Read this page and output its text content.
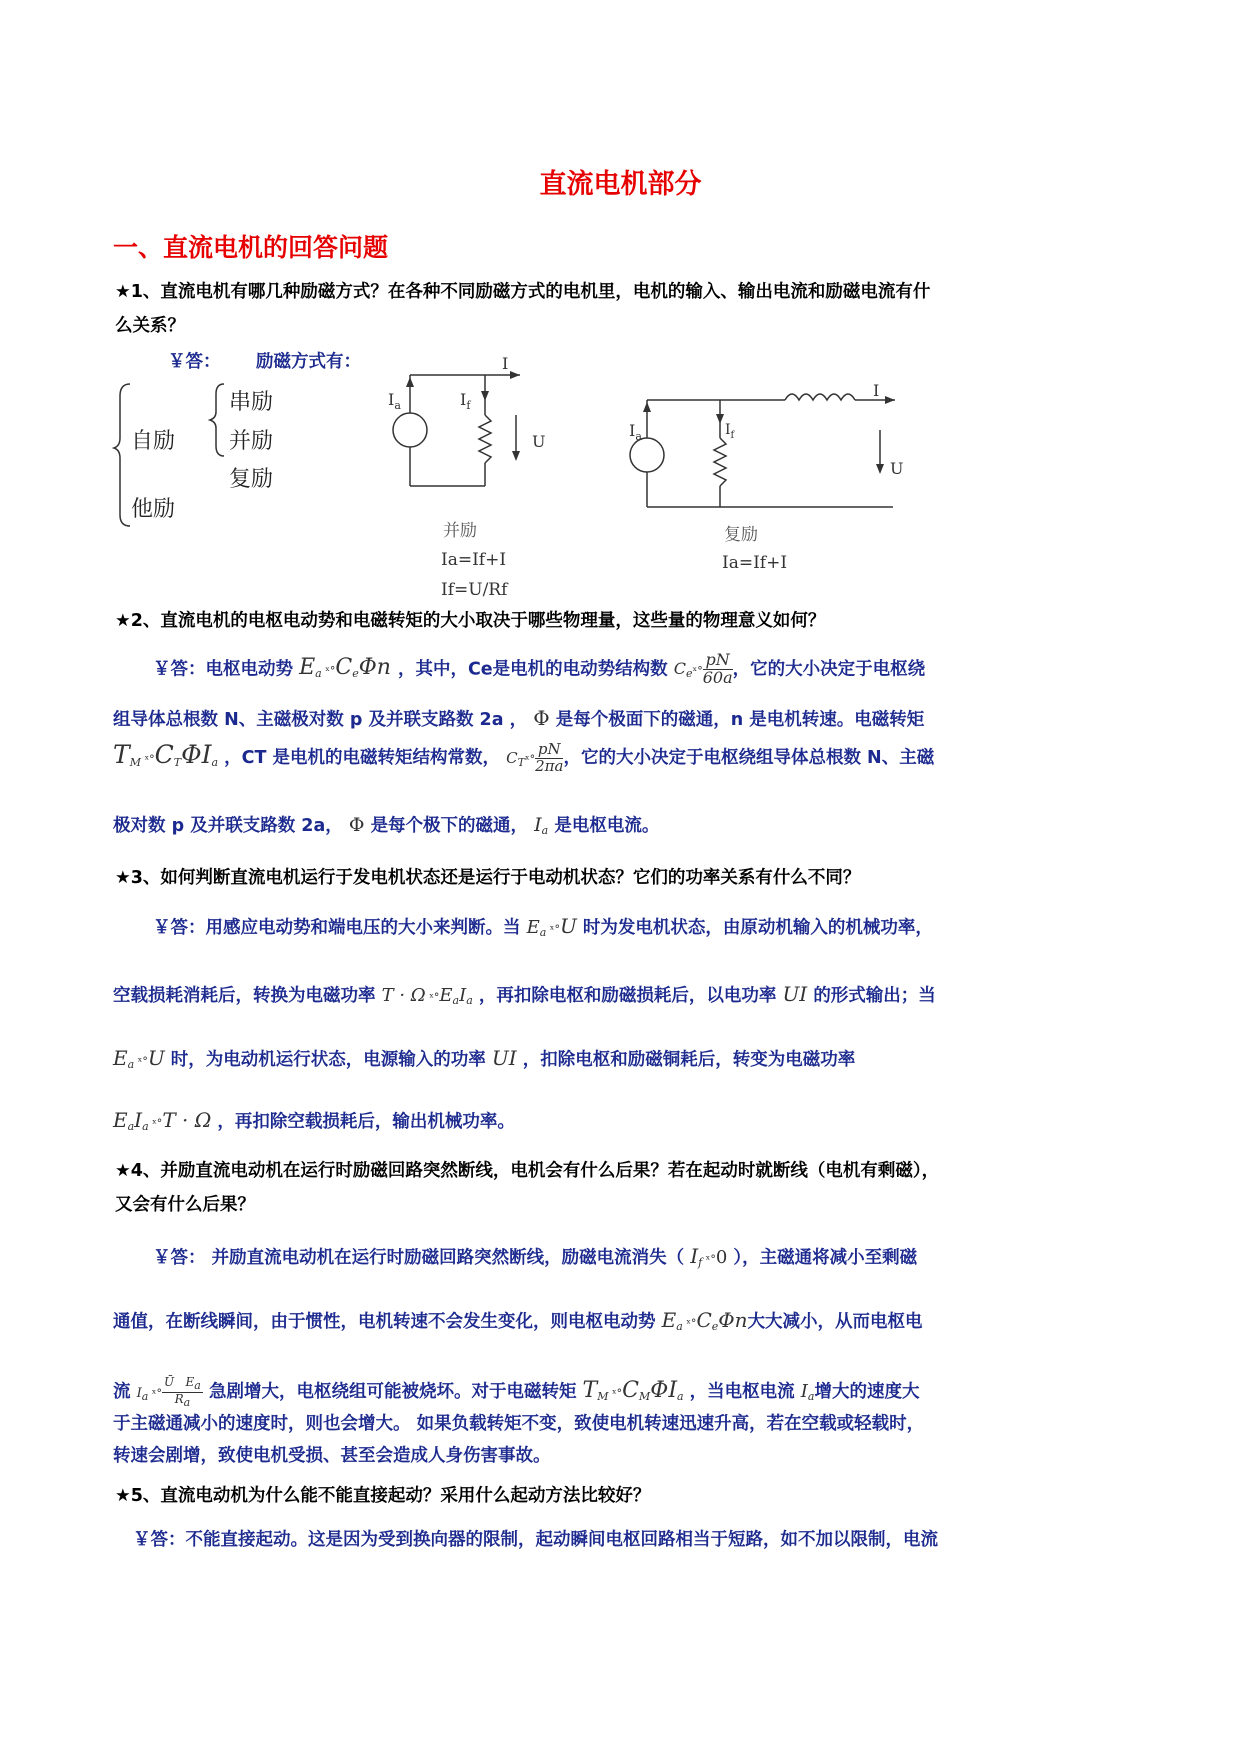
直流电机部分
一、直流电机的回答问题
★1、直流电机有哪几种励磁方式？在各种不同励磁方式的电机里，电机的输入、输出电流和励磁电流有什
么关系？
￥答： 励磁方式有：
自励
他励
串励
并励
复励
$I_a$	$I_f$
I
U
并励
Ia=If+I
If=U/Rf
$I_a$	$I_f$
I
U
复励
Ia=If+I
★2、直流电机的电枢电动势和电磁转矩的大小取决于哪些物理量，这些量的物理意义如何？
￥答：电枢电动势 $E_a$ $ˣ^\circ C_e\Phi n$ ，其中，Ce是电机的电动势结构数 $C_eˣ^\circ \frac{pN}{60a}$ ，它的大小决定于电枢绕
组导体总根数 N、主磁极对数 p 及并联支路数 2a ， Φ 是每个极面下的磁通，n 是电机转速。电磁转矩
$T_M$ $ˣ^\circ C_T\Phi I_a$ ，CT 是电机的电磁转矩结构常数， $C_Tˣ^\circ \frac{pN}{2\pi a}$ ，它的大小决定于电枢绕组导体总根数 N、主磁
极对数 p 及并联支路数 2a， Φ 是每个极下的磁通， $I_a$ 是电枢电流。
★3、如何判断直流电机运行于发电机状态还是运行于电动机状态？它们的功率关系有什么不同？
￥答：用感应电动势和端电压的大小来判断。当 $E_a$ ˣ°U 时为发电机状态，由原动机输入的机械功率，
空载损耗消耗后，转换为电磁功率 T · Ω $ˣ^\circ E_aI_a$ ，再扣除电枢和励磁损耗后，以电功率 UI 的形式输出；当
$E_a$ ˣ°U 时，为电动机运行状态，电源输入的功率 UI ，扣除电枢和励磁铜耗后，转变为电磁功率
$E_aI_a$ ˣ°T · Ω ，再扣除空载损耗后，输出机械功率。
★4、并励直流电动机在运行时励磁回路突然断线，电机会有什么后果？若在起动时就断线（电机有剩磁），
又会有什么后果？
￥答： 并励直流电动机在运行时励磁回路突然断线，励磁电流消失（ $I_f$ ˣ°0 ），主磁通将减小至剩磁
通值，在断线瞬间，由于惯性，电机转速不会发生变化，则电枢电动势 $E_a$ $ˣ^\circ C_e\Phi n$大大减小，从而电枢电
流 $I_a$ ˣ° $\frac{\text{Ū   Ea}}{Ra}$ 急剧增大，电枢绕组可能被烧坏。对于电磁转矩 $T_M$ $ˣ^\circ C_M\Phi I_a$ ，当电枢电流 $I_a$增大的速度大
于主磁通减小的速度时，则也会增大。 如果负载转矩不变，致使电机转速迅速升高，若在空载或轻载时，
转速会剧增，致使电机受损、甚至会造成人身伤害事故。
★5、直流电动机为什么能不能直接起动？采用什么起动方法比较好？
￥答：不能直接起动。这是因为受到换向器的限制，起动瞬间电枢回路相当于短路，如不加以限制，电流
